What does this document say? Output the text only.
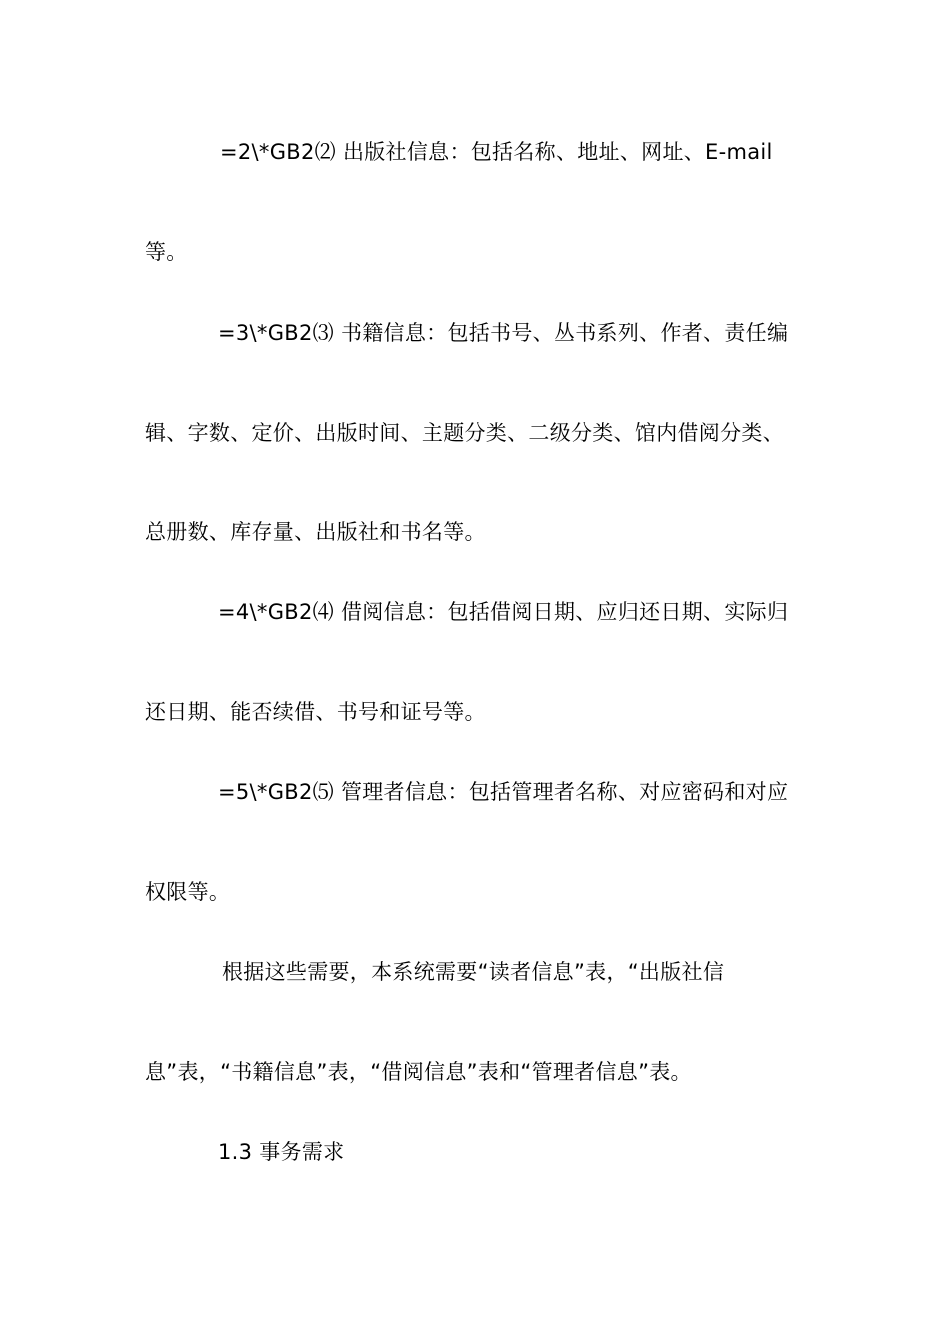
=2\*GB2⑵ 出版社信息：包括名称、地址、网址、E-mail
等。
=3\*GB2⑶ 书籍信息：包括书号、丛书系列、作者、责任编
辑、字数、定价、出版时间、主题分类、二级分类、馆内借阅分类、
总册数、库存量、出版社和书名等。
=4\*GB2⑷ 借阅信息：包括借阅日期、应归还日期、实际归
还日期、能否续借、书号和证号等。
=5\*GB2⑸ 管理者信息：包括管理者名称、对应密码和对应
权限等。
根据这些需要，本系统需要“读者信息”表，“出版社信
息”表，“书籍信息”表，“借阅信息”表和“管理者信息”表。
1.3 事务需求
